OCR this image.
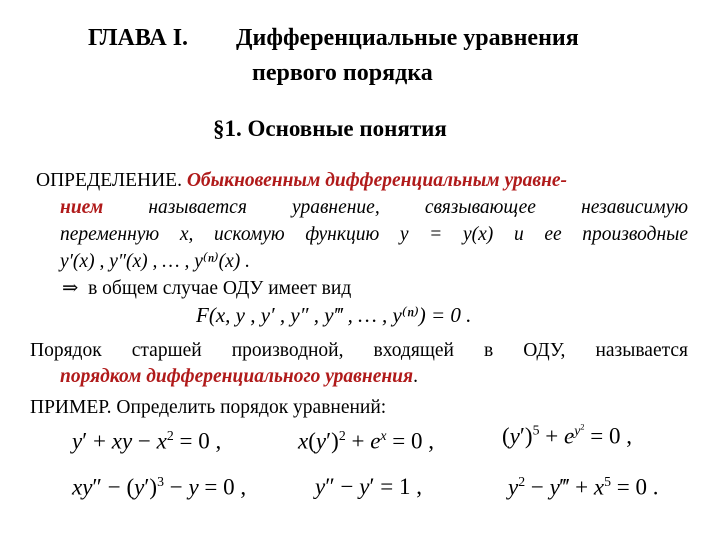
ГЛАВА I. Дифференциальные уравнения
первого порядка
§1. Основные понятия
ОПРЕДЕЛЕНИЕ. Обыкновенным дифференциальным уравне-
нием называется уравнение, связывающее независимую
переменную x, искомую функцию y = y(x) и ее производные
y′(x) , y″(x) , … , y⁽ⁿ⁾(x) .
⇒ в общем случае ОДУ имеет вид
F(x, y , y′ , y″ , y‴ , … , y⁽ⁿ⁾) = 0 .
Порядок старшей производной, входящей в ОДУ, называется
порядком дифференциального уравнения.
ПРИМЕР. Определить порядок уравнений:
y′ + xy − $x^2 = 0$ ,	$x(y')^2 + e^x = 0$ ,	$(y')^5 + e^{y^2} = 0$ ,
$xy'' - (y')^3 - y = 0$ ,	y″ − y′ = 1 ,	$y^2$ − y‴ + $x^5 = 0$ .
